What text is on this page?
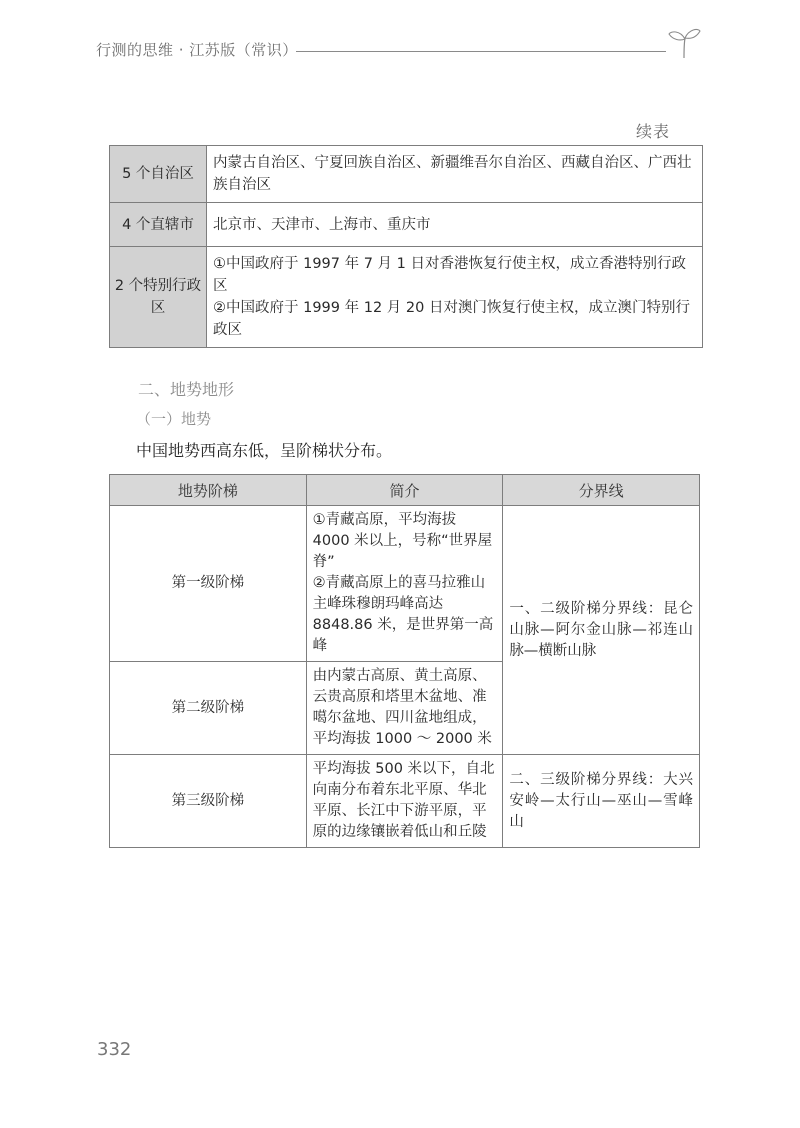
行测的思维 · 江苏版（常识）
续表
5 个自治区	内蒙古自治区、宁夏回族自治区、新疆维吾尔自治区、西藏自治区、广西壮族自治区

4 个直辖市	北京市、天津市、上海市、重庆市

2 个特别行政区	①中国政府于 1997 年 7 月 1 日对香港恢复行使主权，成立香港特别行政区
②中国政府于 1999 年 12 月 20 日对澳门恢复行使主权，成立澳门特别行政区
二、地势地形
（一）地势
中国地势西高东低，呈阶梯状分布。
地势阶梯	简介	分界线
第一级阶梯	①青藏高原，平均海拔 4000 米以上，号称“世界屋脊”
②青藏高原上的喜马拉雅山主峰珠穆朗玛峰高达 8848.86 米，是世界第一高峰	一、二级阶梯分界线：昆仑山脉—阿尔金山脉—祁连山脉—横断山脉
第二级阶梯	由内蒙古高原、黄土高原、云贵高原和塔里木盆地、准噶尔盆地、四川盆地组成，平均海拔 1000 ～ 2000 米	

第三级阶梯	平均海拔 500 米以下，自北向南分布着东北平原、华北平原、长江中下游平原，平原的边缘镶嵌着低山和丘陵	二、三级阶梯分界线：大兴安岭—太行山—巫山—雪峰山
332
